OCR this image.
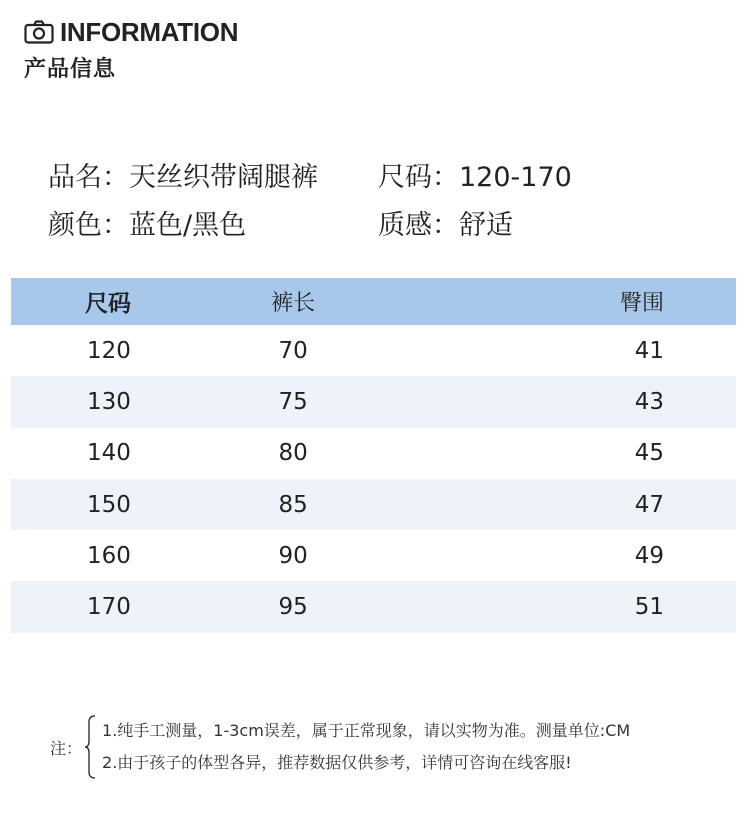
INFORMATION
产品信息
品名：天丝织带阔腿裤	尺码：120-170
颜色：蓝色/黑色	质感：舒适
尺码	裤长	臀围
120	70	41
130	75	43
140	80	45
150	85	47
160	90	49
170	95	51
注：
1.纯手工测量，1-3cm误差，属于正常现象，请以实物为准。测量单位:CM
2.由于孩子的体型各异，推荐数据仅供参考，详情可咨询在线客服!
